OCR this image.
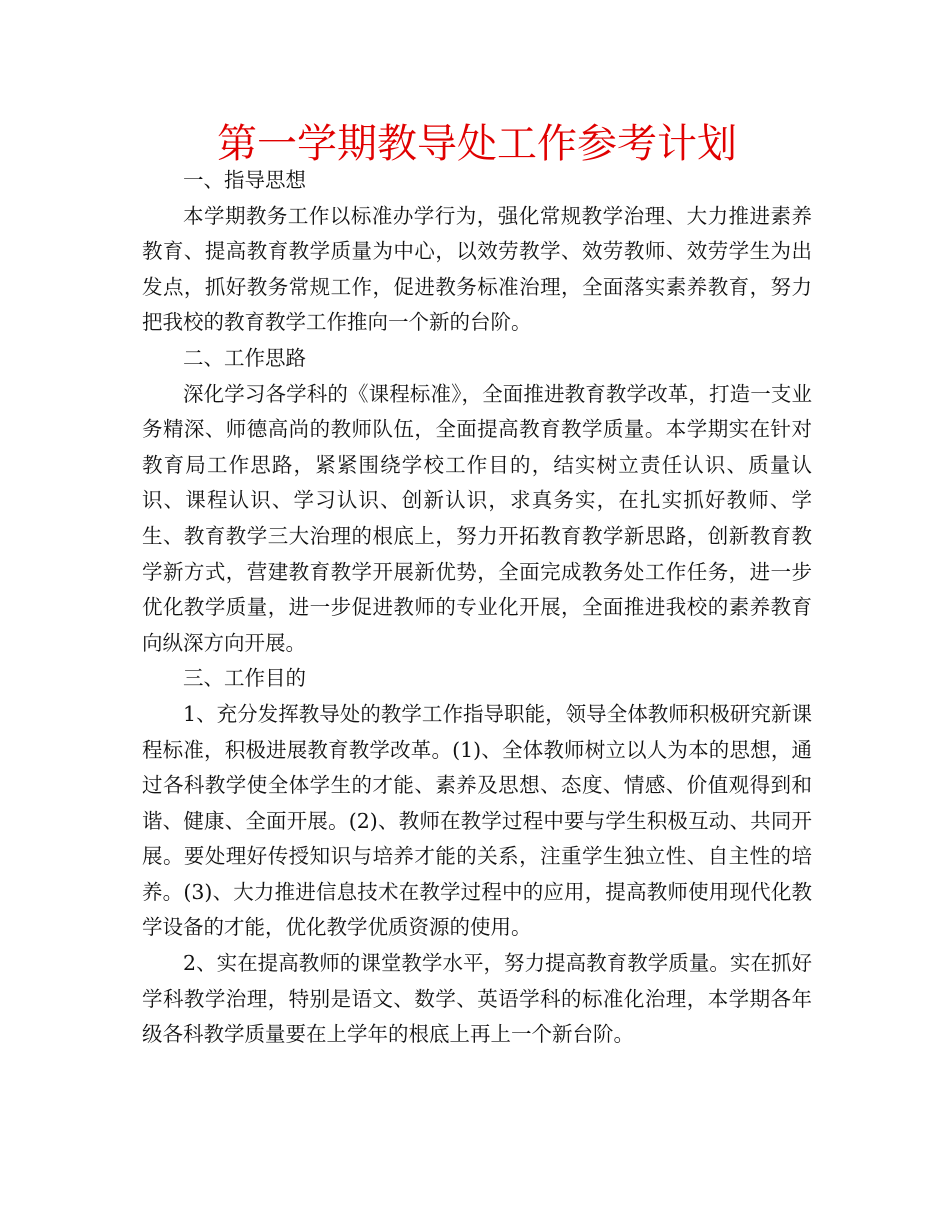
第一学期教导处工作参考计划

一、指导思想

本学期教务工作以标准办学行为，强化常规教学治理、大力推进素养教育、提高教育教学质量为中心，以效劳教学、效劳教师、效劳学生为出发点，抓好教务常规工作，促进教务标准治理，全面落实素养教育，努力把我校的教育教学工作推向一个新的台阶。

二、工作思路

深化学习各学科的《课程标准》，全面推进教育教学改革，打造一支业务精深、师德高尚的教师队伍，全面提高教育教学质量。本学期实在针对教育局工作思路，紧紧围绕学校工作目的，结实树立责任认识、质量认识、课程认识、学习认识、创新认识，求真务实，在扎实抓好教师、学生、教育教学三大治理的根底上，努力开拓教育教学新思路，创新教育教学新方式，营建教育教学开展新优势，全面完成教务处工作任务，进一步优化教学质量，进一步促进教师的专业化开展，全面推进我校的素养教育向纵深方向开展。

三、工作目的

1、充分发挥教导处的教学工作指导职能，领导全体教师积极研究新课程标准，积极进展教育教学改革。(1)、全体教师树立以人为本的思想，通过各科教学使全体学生的才能、素养及思想、态度、情感、价值观得到和谐、健康、全面开展。(2)、教师在教学过程中要与学生积极互动、共同开展。要处理好传授知识与培养才能的关系，注重学生独立性、自主性的培养。(3)、大力推进信息技术在教学过程中的应用，提高教师使用现代化教学设备的才能，优化教学优质资源的使用。

2、实在提高教师的课堂教学水平，努力提高教育教学质量。实在抓好学科教学治理，特别是语文、数学、英语学科的标准化治理，本学期各年级各科教学质量要在上学年的根底上再上一个新台阶。
